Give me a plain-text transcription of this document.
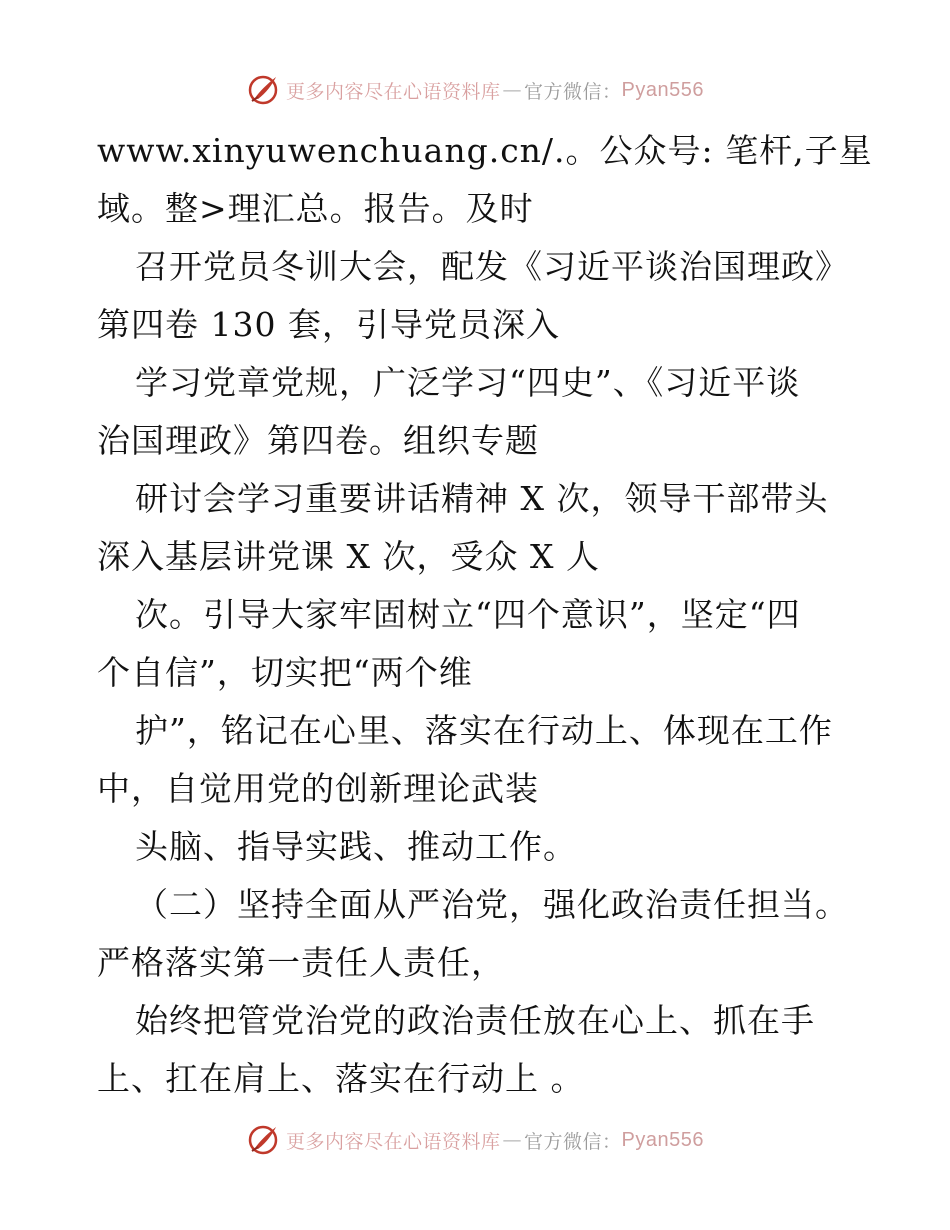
更多内容尽在心语资料库 — 官方微信： Pyan556
www.xinyuwenchuang.cn/.。公众号: 笔杆,子星
域。整>理汇总。报告。及时
召开党员冬训大会，配发《习近平谈治国理政》
第四卷 130 套，引导党员深入
学习党章党规，广泛学习“四史”、《习近平谈
治国理政》第四卷。组织专题
研讨会学习重要讲话精神 X 次，领导干部带头
深入基层讲党课 X 次，受众 X 人
次。引导大家牢固树立“四个意识”，坚定“四
个自信”，切实把“两个维
护”，铭记在心里、落实在行动上、体现在工作
中，自觉用党的创新理论武装
头脑、指导实践、推动工作。
（二）坚持全面从严治党，强化政治责任担当。
严格落实第一责任人责任，
始终把管党治党的政治责任放在心上、抓在手
上、扛在肩上、落实在行动上 。
更多内容尽在心语资料库 — 官方微信： Pyan556
